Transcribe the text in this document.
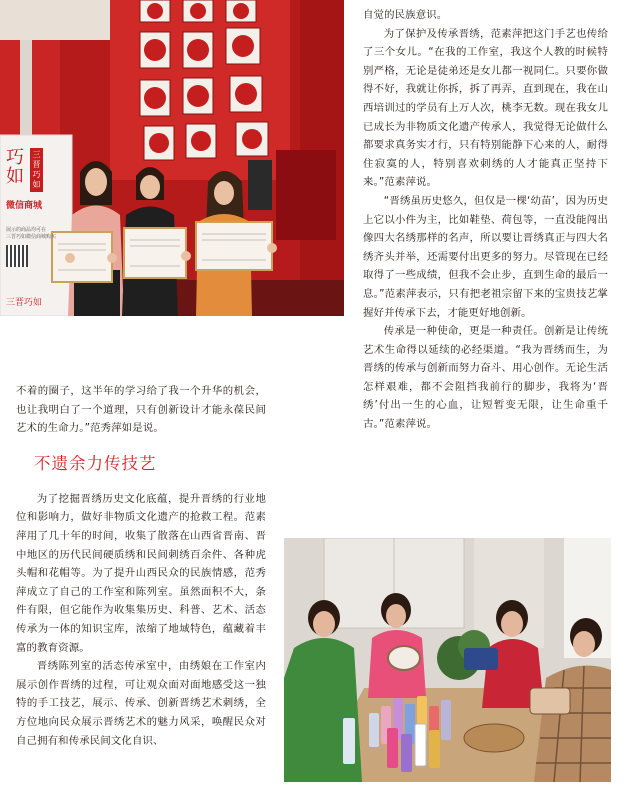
巧
如
三
晋
巧
如
微信商城
展示的商品均可在
三晋巧如微信商城购买
三晋巧如

自觉的民族意识。

为了保护及传承晋绣，范素萍把这门手艺也传给了三个女儿。“在我的工作室，我这个人教的时候特别严格，无论是徒弟还是女儿都一视同仁。只要你做得不好，我就让你拆，拆了再弄，直到现在，我在山西培训过的学员有上万人次，桃李无数。现在我女儿已成长为非物质文化遗产传承人，我觉得无论做什么都要求真务实才行，只有特别能静下心来的人，耐得住寂寞的人，特别喜欢刺绣的人才能真正坚持下来。”范素萍说。

“晋绣虽历史悠久，但仅是一棵‘幼苗’，因为历史上它以小件为主，比如鞋垫、荷包等，一直没能闯出像四大名绣那样的名声，所以要让晋绣真正与四大名绣齐头并举，还需要付出更多的努力。尽管现在已经取得了一些成绩，但我不会止步，直到生命的最后一息。”范素萍表示，只有把老祖宗留下来的宝贵技艺掌握好并传承下去，才能更好地创新。

传承是一种使命，更是一种责任。创新是让传统艺术生命得以延续的必经渠道。“我为晋绣而生，为晋绣的传承与创新而努力奋斗、用心创作。无论生活怎样艰难，都不会阻挡我前行的脚步，我将为‘晋绣’付出一生的心血，让短暂变无限，让生命重千古。”范素萍说。

不着的圈子，这半年的学习给了我一个升华的机会，也让我明白了一个道理，只有创新设计才能永葆民间艺术的生命力。”范秀萍如是说。

不遗余力传技艺

为了挖掘晋绣历史文化底蕴，提升晋绣的行业地位和影响力，做好非物质文化遗产的抢救工程。范素萍用了几十年的时间，收集了散落在山西省晋南、晋中地区的历代民间硬质绣和民间刺绣百余件、各种虎头帽和花帽等。为了提升山西民众的民族情感，范秀萍成立了自己的工作室和陈列室。虽然面积不大，条件有限，但它能作为收集集历史、科普、艺术、活态传承为一体的知识宝库，浓缩了地域特色，蕴藏着丰富的教育资源。

晋绣陈列室的活态传承室中，由绣娘在工作室内展示创作晋绣的过程，可让观众面对面地感受这一独特的手工技艺，展示、传承、创新晋绣艺术刺绣，全方位地向民众展示晋绣艺术的魅力风采，唤醒民众对自己拥有和传承民间文化自识、
